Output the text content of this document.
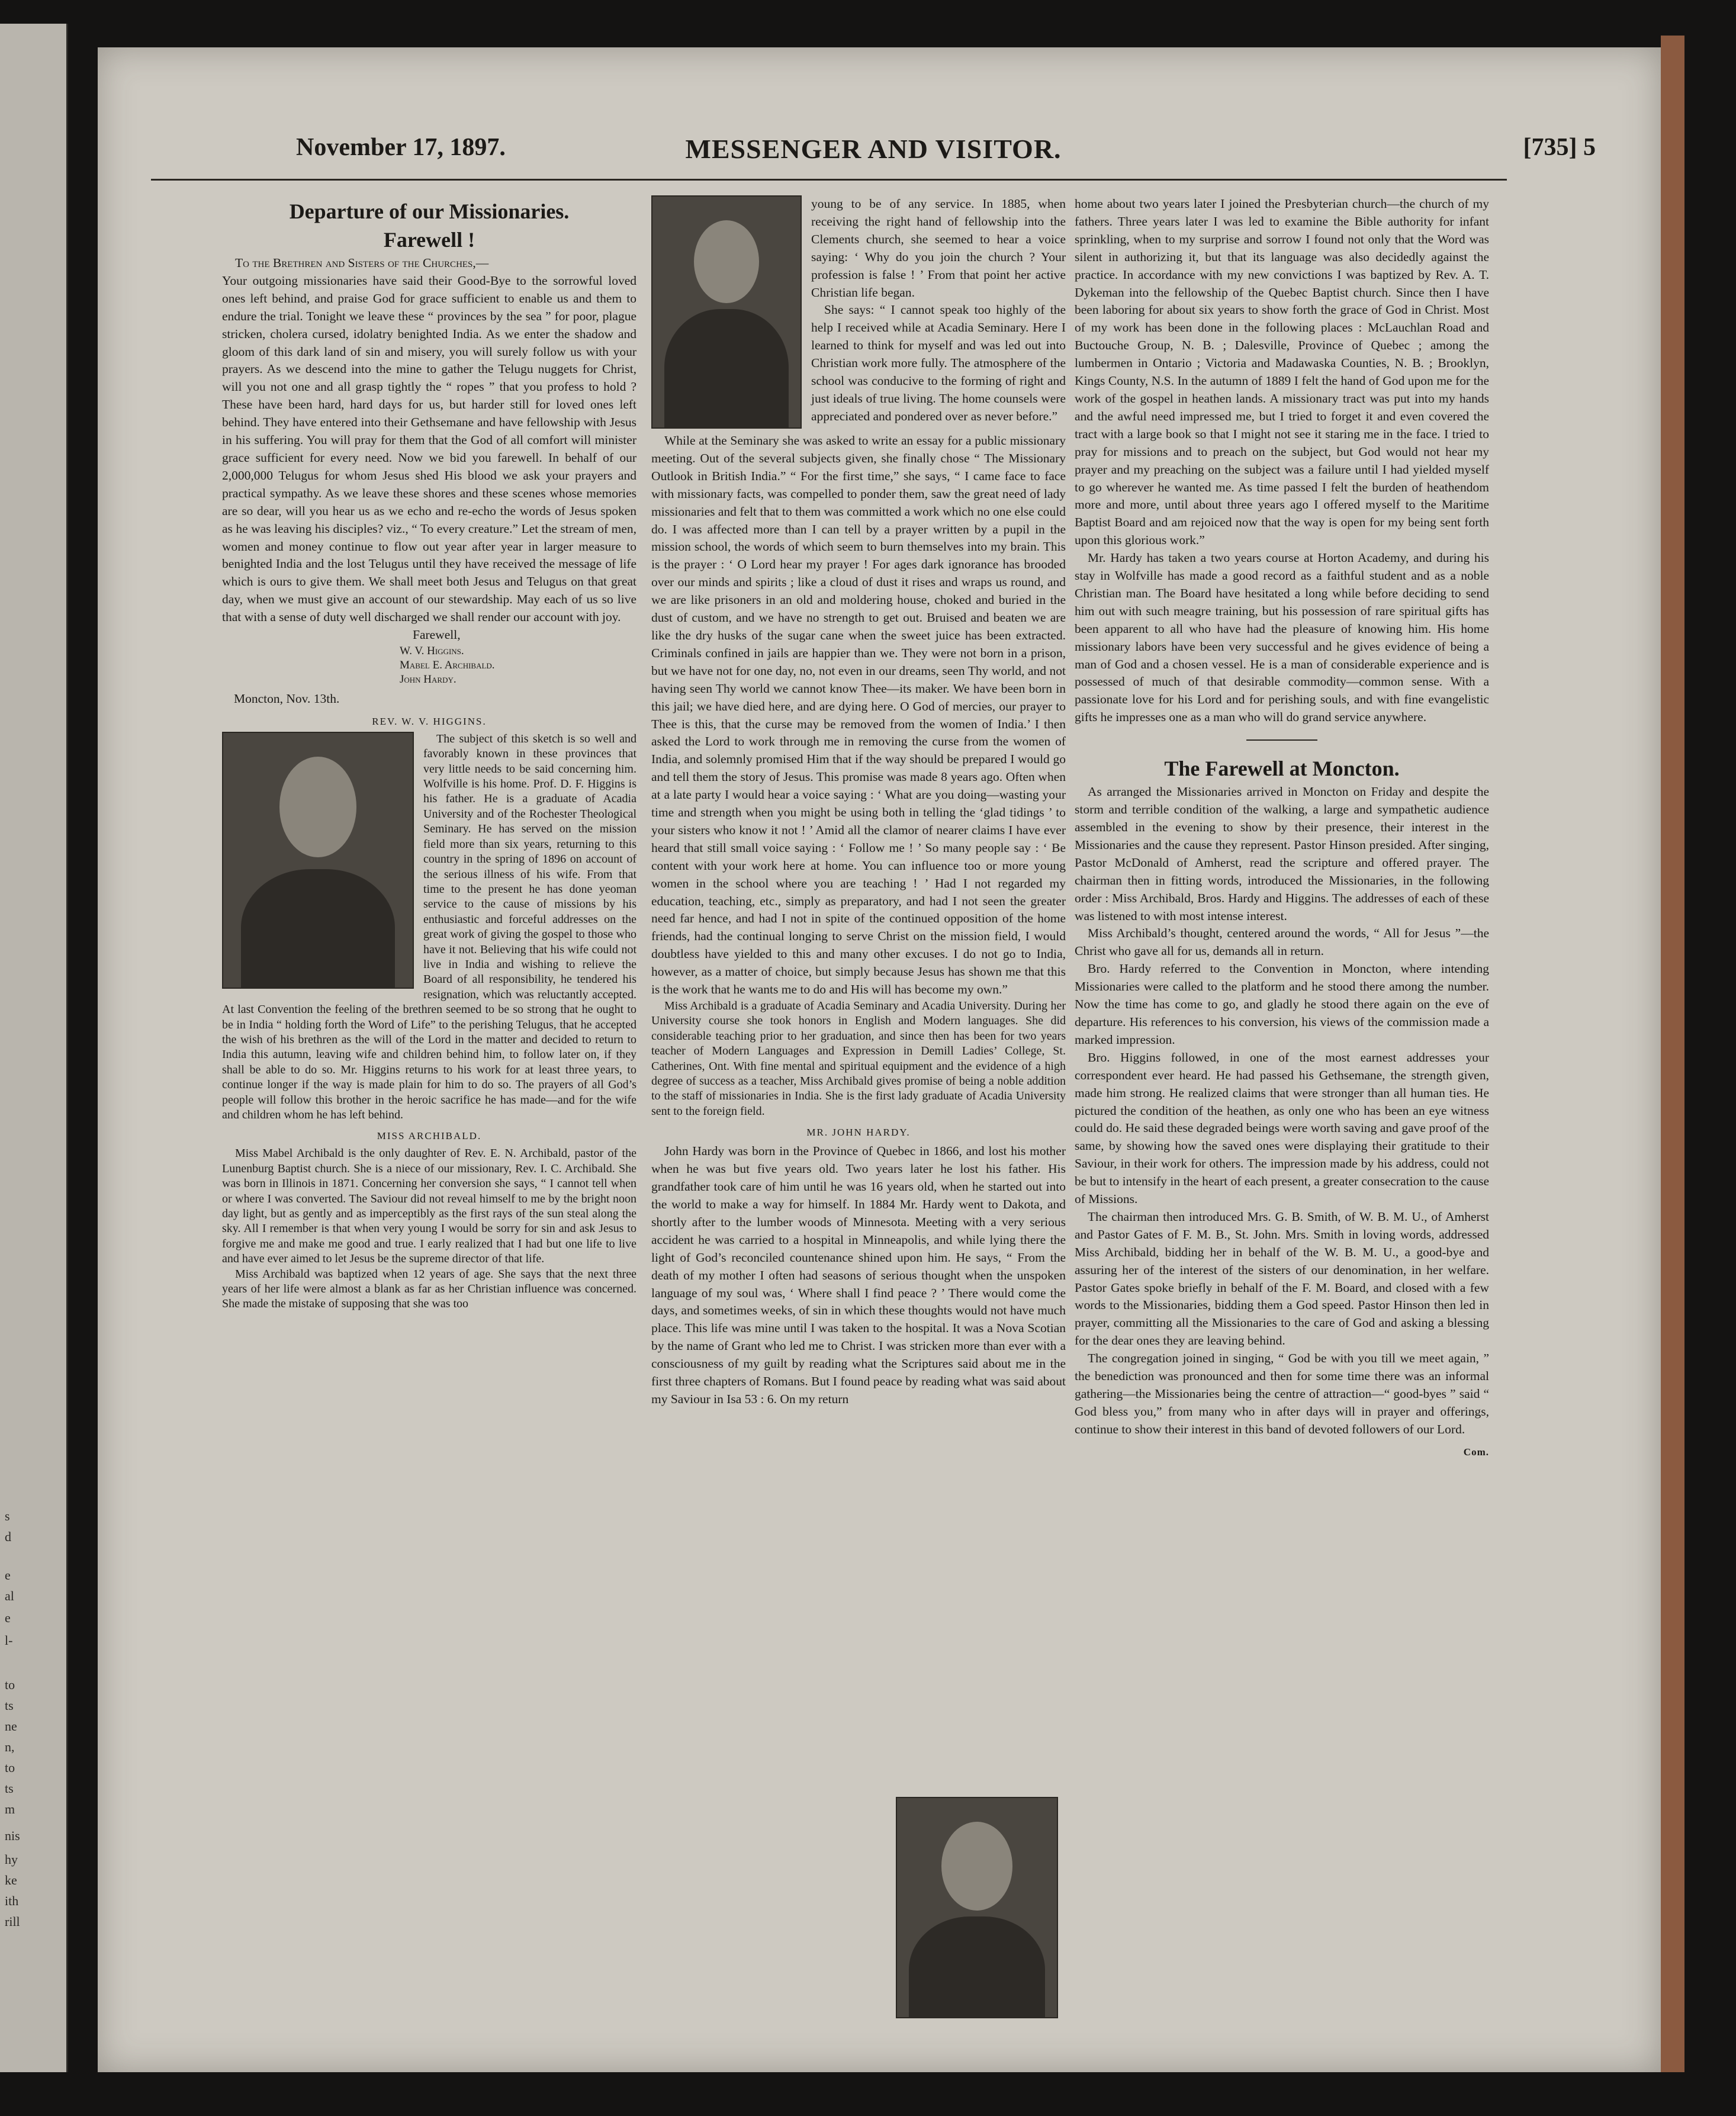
s
d
e
al
e
l-
to
ts
ne
n,
to
ts
m
nis
hy
ke
ith
rill
November 17, 1897.	MESSENGER AND VISITOR.	[735] 5
Departure of our Missionaries.
Farewell !

To the Brethren and Sisters of the Churches,—

Your outgoing missionaries have said their Good-Bye to the sorrowful loved ones left behind, and praise God for grace sufficient to enable us and them to endure the trial. Tonight we leave these “ provinces by the sea ” for poor, plague stricken, cholera cursed, idolatry benighted India. As we enter the shadow and gloom of this dark land of sin and misery, you will surely follow us with your prayers. As we descend into the mine to gather the Telugu nuggets for Christ, will you not one and all grasp tightly the “ ropes ” that you profess to hold ? These have been hard, hard days for us, but harder still for loved ones left behind. They have entered into their Gethsemane and have fellowship with Jesus in his suffering. You will pray for them that the God of all comfort will minister grace sufficient for every need. Now we bid you farewell. In behalf of our 2,000,000 Telugus for whom Jesus shed His blood we ask your prayers and practical sympathy. As we leave these shores and these scenes whose memories are so dear, will you hear us as we echo and re-echo the words of Jesus spoken as he was leaving his disciples? viz., “ To every creature.” Let the stream of men, women and money continue to flow out year after year in larger measure to benighted India and the lost Telugus until they have received the message of life which is ours to give them. We shall meet both Jesus and Telugus on that great day, when we must give an account of our stewardship. May each of us so live that with a sense of duty well discharged we shall render our account with joy.

Farewell,

W. V. Higgins.
Mabel E. Archibald.
John Hardy.
Moncton, Nov. 13th.
REV. W. V. HIGGINS.

The subject of this sketch is so well and favorably known in these provinces that very little needs to be said concerning him. Wolfville is his home. Prof. D. F. Higgins is his father. He is a graduate of Acadia University and of the Rochester Theological Seminary. He has served on the mission field more than six years, returning to this country in the spring of 1896 on account of the serious illness of his wife. From that time to the present he has done yeoman service to the cause of missions by his enthusiastic and forceful addresses on the great work of giving the gospel to those who have it not. Believing that his wife could not live in India and wishing to relieve the Board of all responsibility, he tendered his resignation, which was reluctantly accepted. At last Convention the feeling of the brethren seemed to be so strong that he ought to be in India “ holding forth the Word of Life” to the perishing Telugus, that he accepted the wish of his brethren as the will of the Lord in the matter and decided to return to India this autumn, leaving wife and children behind him, to follow later on, if they shall be able to do so. Mr. Higgins returns to his work for at least three years, to continue longer if the way is made plain for him to do so. The prayers of all God’s people will follow this brother in the heroic sacrifice he has made—and for the wife and children whom he has left behind.

MISS ARCHIBALD.

Miss Mabel Archibald is the only daughter of Rev. E. N. Archibald, pastor of the Lunenburg Baptist church. She is a niece of our missionary, Rev. I. C. Archibald. She was born in Illinois in 1871. Concerning her conversion she says, “ I cannot tell when or where I was converted. The Saviour did not reveal himself to me by the bright noon day light, but as gently and as imperceptibly as the first rays of the sun steal along the sky. All I remember is that when very young I would be sorry for sin and ask Jesus to forgive me and make me good and true. I early realized that I had but one life to live and have ever aimed to let Jesus be the supreme director of that life.

Miss Archibald was baptized when 12 years of age. She says that the next three years of her life were almost a blank as far as her Christian influence was concerned. She made the mistake of supposing that she was too

young to be of any service. In 1885, when receiving the right hand of fellowship into the Clements church, she seemed to hear a voice saying: ‘ Why do you join the church ? Your profession is false ! ’ From that point her active Christian life began.

She says: “ I cannot speak too highly of the help I received while at Acadia Seminary. Here I learned to think for myself and was led out into Christian work more fully. The atmosphere of the school was conducive to the forming of right and just ideals of true living. The home counsels were appreciated and pondered over as never before.”

While at the Seminary she was asked to write an essay for a public missionary meeting. Out of the several subjects given, she finally chose “ The Missionary Outlook in British India.” “ For the first time,” she says, “ I came face to face with missionary facts, was compelled to ponder them, saw the great need of lady missionaries and felt that to them was committed a work which no one else could do. I was affected more than I can tell by a prayer written by a pupil in the mission school, the words of which seem to burn themselves into my brain. This is the prayer : ‘ O Lord hear my prayer ! For ages dark ignorance has brooded over our minds and spirits ; like a cloud of dust it rises and wraps us round, and we are like prisoners in an old and moldering house, choked and buried in the dust of custom, and we have no strength to get out. Bruised and beaten we are like the dry husks of the sugar cane when the sweet juice has been extracted. Criminals confined in jails are happier than we. They were not born in a prison, but we have not for one day, no, not even in our dreams, seen Thy world, and not having seen Thy world we cannot know Thee—its maker. We have been born in this jail; we have died here, and are dying here. O God of mercies, our prayer to Thee is this, that the curse may be removed from the women of India.’ I then asked the Lord to work through me in removing the curse from the women of India, and solemnly promised Him that if the way should be prepared I would go and tell them the story of Jesus. This promise was made 8 years ago. Often when at a late party I would hear a voice saying : ‘ What are you doing—wasting your time and strength when you might be using both in telling the ‘glad tidings ’ to your sisters who know it not ! ’ Amid all the clamor of nearer claims I have ever heard that still small voice saying : ‘ Follow me ! ’ So many people say : ‘ Be content with your work here at home. You can influence too or more young women in the school where you are teaching ! ’ Had I not regarded my education, teaching, etc., simply as preparatory, and had I not seen the greater need far hence, and had I not in spite of the continued opposition of the home friends, had the continual longing to serve Christ on the mission field, I would doubtless have yielded to this and many other excuses. I do not go to India, however, as a matter of choice, but simply because Jesus has shown me that this is the work that he wants me to do and His will has become my own.”

Miss Archibald is a graduate of Acadia Seminary and Acadia University. During her University course she took honors in English and Modern languages. She did considerable teaching prior to her graduation, and since then has been for two years teacher of Modern Languages and Expression in Demill Ladies’ College, St. Catherines, Ont. With fine mental and spiritual equipment and the evidence of a high degree of success as a teacher, Miss Archibald gives promise of being a noble addition to the staff of missionaries in India. She is the first lady graduate of Acadia University sent to the foreign field.

MR. JOHN HARDY.

John Hardy was born in the Province of Quebec in 1866, and lost his mother when he was but five years old. Two years later he lost his father. His grandfather took care of him until he was 16 years old, when he started out into the world to make a way for himself. In 1884 Mr. Hardy went to Dakota, and shortly after to the lumber woods of Minnesota. Meeting with a very serious accident he was carried to a hospital in Minneapolis, and while lying there the light of God’s reconciled countenance shined upon him. He says, “ From the death of my mother I often had seasons of serious thought when the unspoken language of my soul was, ‘ Where shall I find peace ? ’ There would come the days, and sometimes weeks, of sin in which these thoughts would not have much place. This life was mine until I was taken to the hospital. It was a Nova Scotian by the name of Grant who led me to Christ. I was stricken more than ever with a consciousness of my guilt by reading what the Scriptures said about me in the first three chapters of Romans. But I found peace by reading what was said about my Saviour in Isa 53 : 6. On my return

home about two years later I joined the Presbyterian church—the church of my fathers. Three years later I was led to examine the Bible authority for infant sprinkling, when to my surprise and sorrow I found not only that the Word was silent in authorizing it, but that its language was also decidedly against the practice. In accordance with my new convictions I was baptized by Rev. A. T. Dykeman into the fellowship of the Quebec Baptist church. Since then I have been laboring for about six years to show forth the grace of God in Christ. Most of my work has been done in the following places : McLauchlan Road and Buctouche Group, N. B. ; Dalesville, Province of Quebec ; among the lumbermen in Ontario ; Victoria and Madawaska Counties, N. B. ; Brooklyn, Kings County, N.S. In the autumn of 1889 I felt the hand of God upon me for the work of the gospel in heathen lands. A missionary tract was put into my hands and the awful need impressed me, but I tried to forget it and even covered the tract with a large book so that I might not see it staring me in the face. I tried to pray for missions and to preach on the subject, but God would not hear my prayer and my preaching on the subject was a failure until I had yielded myself to go wherever he wanted me. As time passed I felt the burden of heathendom more and more, until about three years ago I offered myself to the Maritime Baptist Board and am rejoiced now that the way is open for my being sent forth upon this glorious work.”

Mr. Hardy has taken a two years course at Horton Academy, and during his stay in Wolfville has made a good record as a faithful student and as a noble Christian man. The Board have hesitated a long while before deciding to send him out with such meagre training, but his possession of rare spiritual gifts has been apparent to all who have had the pleasure of knowing him. His home missionary labors have been very successful and he gives evidence of being a man of God and a chosen vessel. He is a man of considerable experience and is possessed of much of that desirable commodity—common sense. With a passionate love for his Lord and for perishing souls, and with fine evangelistic gifts he impresses one as a man who will do grand service anywhere.

The Farewell at Moncton.

As arranged the Missionaries arrived in Moncton on Friday and despite the storm and terrible condition of the walking, a large and sympathetic audience assembled in the evening to show by their presence, their interest in the Missionaries and the cause they represent. Pastor Hinson presided. After singing, Pastor McDonald of Amherst, read the scripture and offered prayer. The chairman then in fitting words, introduced the Missionaries, in the following order : Miss Archibald, Bros. Hardy and Higgins. The addresses of each of these was listened to with most intense interest.

Miss Archibald’s thought, centered around the words, “ All for Jesus ”—the Christ who gave all for us, demands all in return.

Bro. Hardy referred to the Convention in Moncton, where intending Missionaries were called to the platform and he stood there among the number. Now the time has come to go, and gladly he stood there again on the eve of departure. His references to his conversion, his views of the commission made a marked impression.

Bro. Higgins followed, in one of the most earnest addresses your correspondent ever heard. He had passed his Gethsemane, the strength given, made him strong. He realized claims that were stronger than all human ties. He pictured the condition of the heathen, as only one who has been an eye witness could do. He said these degraded beings were worth saving and gave proof of the same, by showing how the saved ones were displaying their gratitude to their Saviour, in their work for others. The impression made by his address, could not be but to intensify in the heart of each present, a greater consecration to the cause of Missions.

The chairman then introduced Mrs. G. B. Smith, of W. B. M. U., of Amherst and Pastor Gates of F. M. B., St. John. Mrs. Smith in loving words, addressed Miss Archibald, bidding her in behalf of the W. B. M. U., a good-bye and assuring her of the interest of the sisters of our denomination, in her welfare. Pastor Gates spoke briefly in behalf of the F. M. Board, and closed with a few words to the Missionaries, bidding them a God speed. Pastor Hinson then led in prayer, committing all the Missionaries to the care of God and asking a blessing for the dear ones they are leaving behind.

The congregation joined in singing, “ God be with you till we meet again, ” the benediction was pronounced and then for some time there was an informal gathering—the Missionaries being the centre of attraction—“ good-byes ” said “ God bless you,” from many who in after days will in prayer and offerings, continue to show their interest in this band of devoted followers of our Lord.

Com.
